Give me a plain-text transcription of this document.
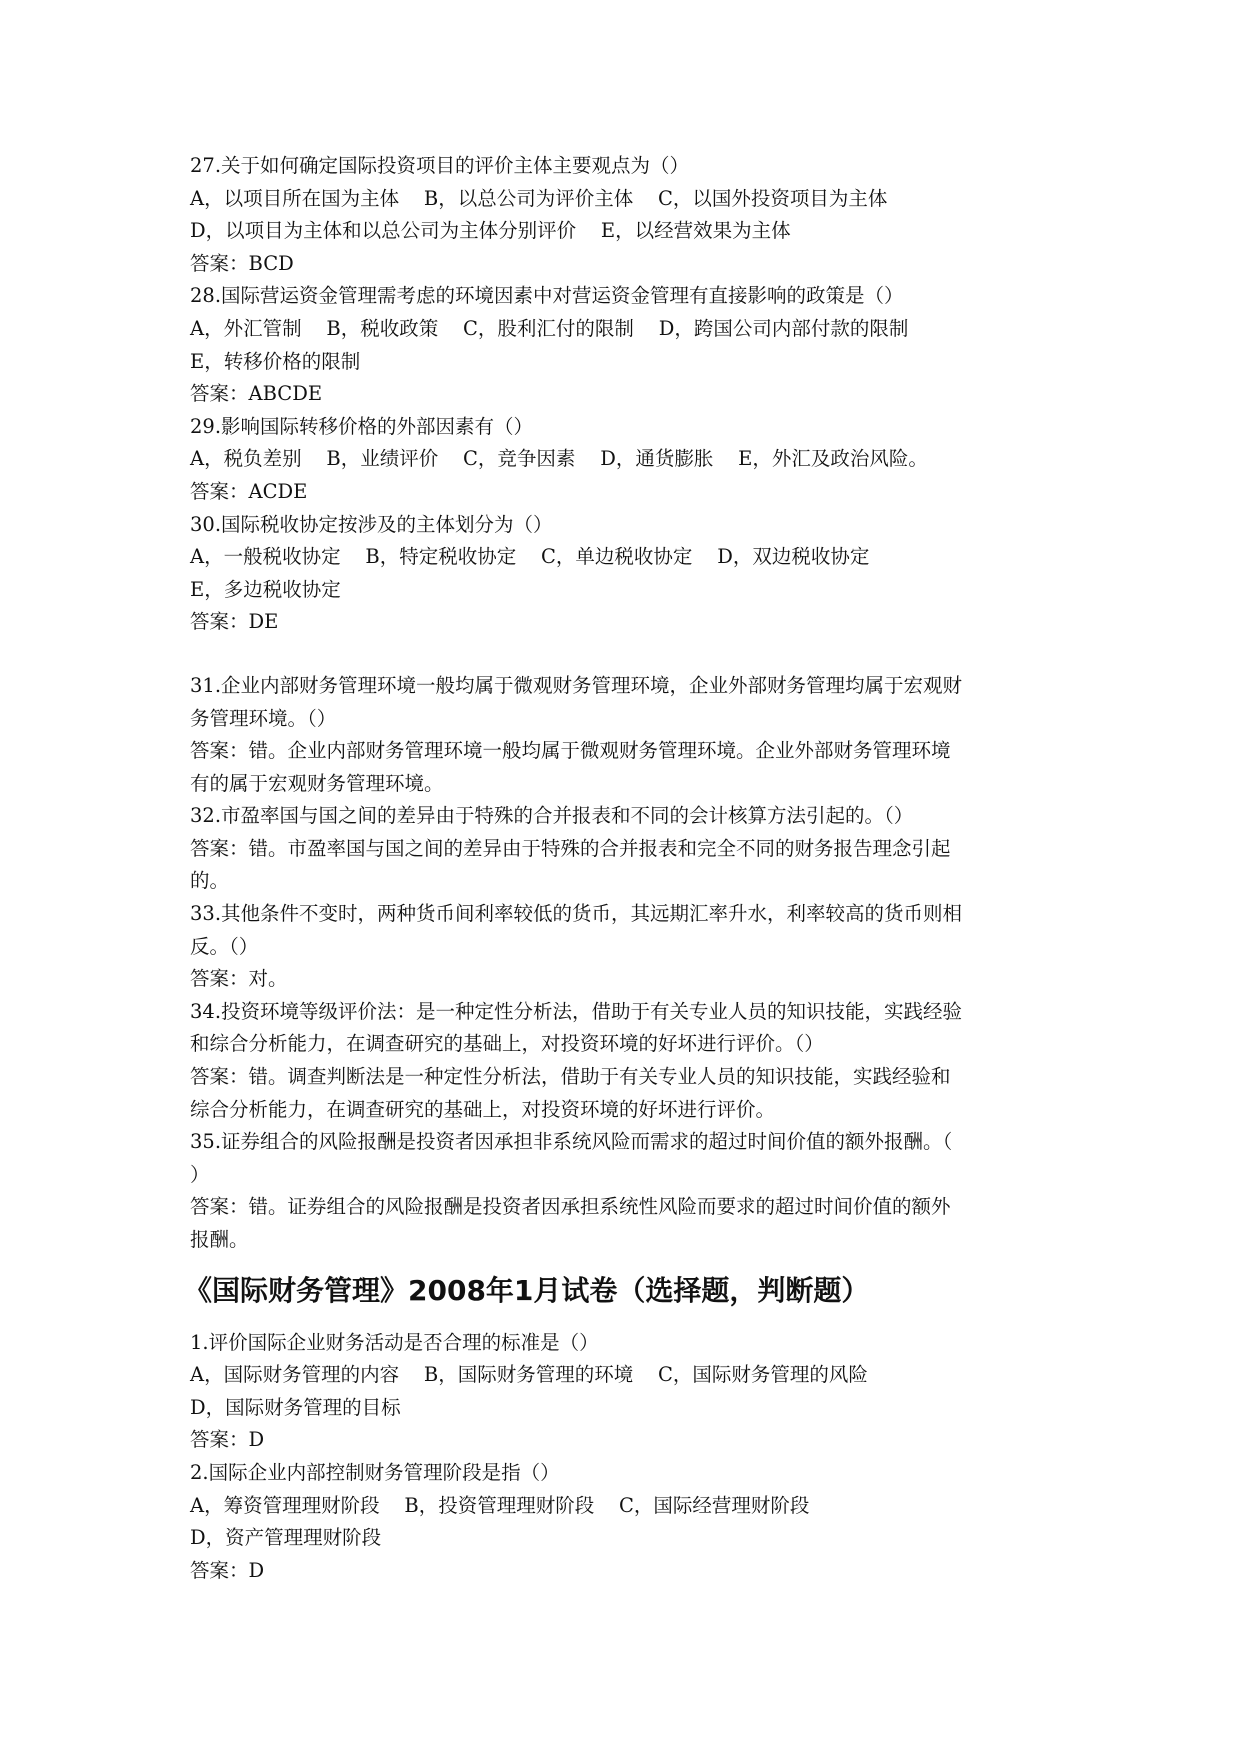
27.关于如何确定国际投资项目的评价主体主要观点为（）
A，以项目所在国为主体    B，以总公司为评价主体    C，以国外投资项目为主体
D，以项目为主体和以总公司为主体分别评价    E，以经营效果为主体
答案：BCD
28.国际营运资金管理需考虑的环境因素中对营运资金管理有直接影响的政策是（）
A，外汇管制    B，税收政策    C，股利汇付的限制    D，跨国公司内部付款的限制
E，转移价格的限制
答案：ABCDE
29.影响国际转移价格的外部因素有（）
A，税负差别    B，业绩评价    C，竞争因素    D，通货膨胀    E，外汇及政治风险。
答案：ACDE
30.国际税收协定按涉及的主体划分为（）
A，一般税收协定    B，特定税收协定    C，单边税收协定    D，双边税收协定
E，多边税收协定
答案：DE
31.企业内部财务管理环境一般均属于微观财务管理环境，企业外部财务管理均属于宏观财
务管理环境。（）
答案：错。企业内部财务管理环境一般均属于微观财务管理环境。企业外部财务管理环境
有的属于宏观财务管理环境。
32.市盈率国与国之间的差异由于特殊的合并报表和不同的会计核算方法引起的。（）
答案：错。市盈率国与国之间的差异由于特殊的合并报表和完全不同的财务报告理念引起
的。
33.其他条件不变时，两种货币间利率较低的货币，其远期汇率升水，利率较高的货币则相
反。（）
答案：对。
34.投资环境等级评价法：是一种定性分析法，借助于有关专业人员的知识技能，实践经验
和综合分析能力，在调查研究的基础上，对投资环境的好坏进行评价。（）
答案：错。调查判断法是一种定性分析法，借助于有关专业人员的知识技能，实践经验和
综合分析能力，在调查研究的基础上，对投资环境的好坏进行评价。
35.证券组合的风险报酬是投资者因承担非系统风险而需求的超过时间价值的额外报酬。（
）
答案：错。证券组合的风险报酬是投资者因承担系统性风险而要求的超过时间价值的额外
报酬。
《国际财务管理》2008年1月试卷（选择题，判断题）
1.评价国际企业财务活动是否合理的标准是（）
A，国际财务管理的内容    B，国际财务管理的环境    C，国际财务管理的风险
D，国际财务管理的目标
答案：D
2.国际企业内部控制财务管理阶段是指（）
A，筹资管理理财阶段    B，投资管理理财阶段    C，国际经营理财阶段
D，资产管理理财阶段
答案：D
